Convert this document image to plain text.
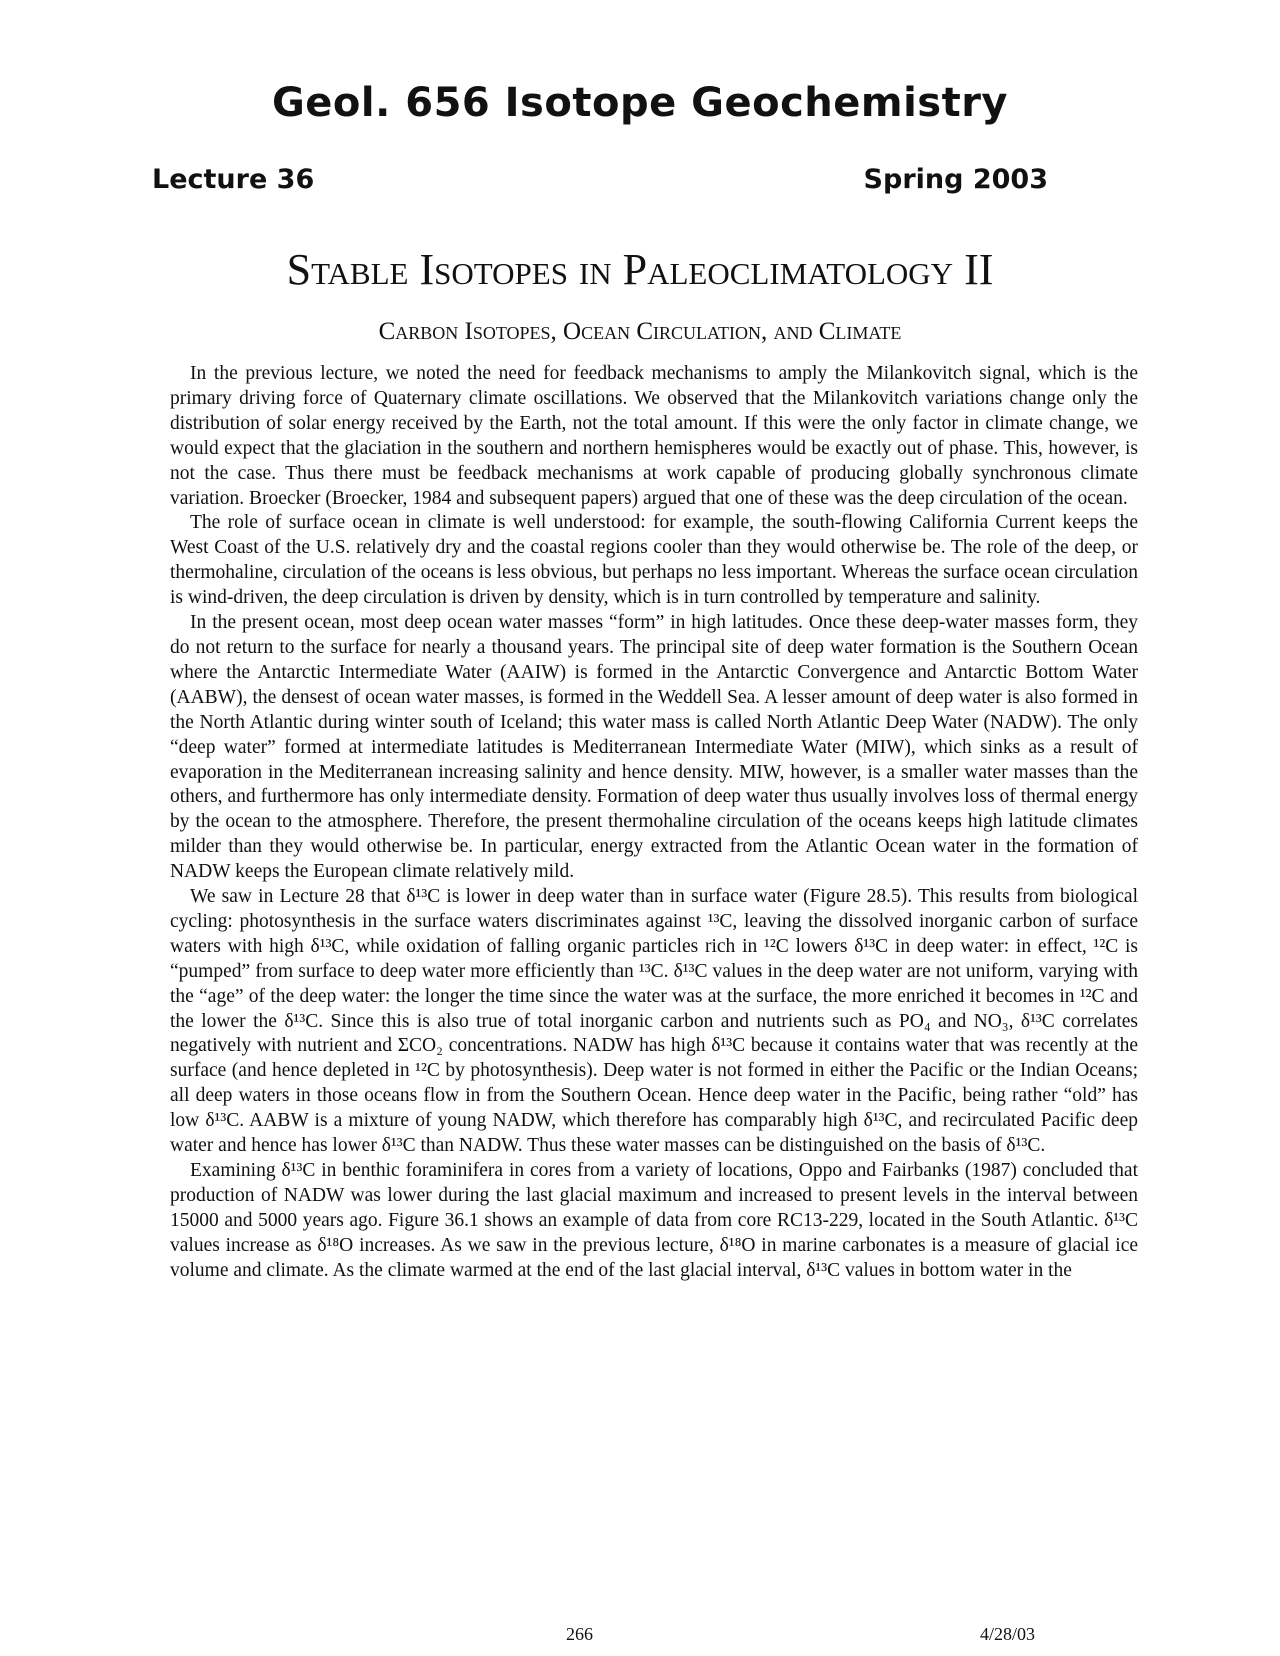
Geol. 656 Isotope Geochemistry
Lecture 36	Spring 2003
Stable Isotopes in Paleoclimatology II
Carbon Isotopes, Ocean Circulation, and Climate

In the previous lecture, we noted the need for feedback mechanisms to amply the Milankovitch signal, which is the primary driving force of Quaternary climate oscillations. We observed that the Milankovitch variations change only the distribution of solar energy received by the Earth, not the total amount. If this were the only factor in climate change, we would expect that the glaciation in the southern and northern hemispheres would be exactly out of phase. This, however, is not the case. Thus there must be feedback mechanisms at work capable of producing globally synchronous climate variation. Broecker (Broecker, 1984 and subsequent papers) argued that one of these was the deep circulation of the ocean.

The role of surface ocean in climate is well understood: for example, the south-flowing California Current keeps the West Coast of the U.S. relatively dry and the coastal regions cooler than they would otherwise be. The role of the deep, or thermohaline, circulation of the oceans is less obvious, but perhaps no less important. Whereas the surface ocean circulation is wind-driven, the deep circulation is driven by density, which is in turn controlled by temperature and salinity.

In the present ocean, most deep ocean water masses “form” in high latitudes. Once these deep-water masses form, they do not return to the surface for nearly a thousand years. The principal site of deep water formation is the Southern Ocean where the Antarctic Intermediate Water (AAIW) is formed in the Antarctic Convergence and Antarctic Bottom Water (AABW), the densest of ocean water masses, is formed in the Weddell Sea. A lesser amount of deep water is also formed in the North Atlantic during winter south of Iceland; this water mass is called North Atlantic Deep Water (NADW). The only “deep water” formed at intermediate latitudes is Mediterranean Intermediate Water (MIW), which sinks as a result of evaporation in the Mediterranean increasing salinity and hence density. MIW, however, is a smaller water masses than the others, and furthermore has only intermediate density. Formation of deep water thus usually involves loss of thermal energy by the ocean to the atmosphere. Therefore, the present thermohaline circulation of the oceans keeps high latitude climates milder than they would otherwise be. In particular, energy extracted from the Atlantic Ocean water in the formation of NADW keeps the European climate relatively mild.

We saw in Lecture 28 that δ¹³C is lower in deep water than in surface water (Figure 28.5). This results from biological cycling: photosynthesis in the surface waters discriminates against ¹³C, leaving the dissolved inorganic carbon of surface waters with high δ¹³C, while oxidation of falling organic particles rich in ¹²C lowers δ¹³C in deep water: in effect, ¹²C is “pumped” from surface to deep water more efficiently than ¹³C. δ¹³C values in the deep water are not uniform, varying with the “age” of the deep water: the longer the time since the water was at the surface, the more enriched it becomes in ¹²C and the lower the δ¹³C. Since this is also true of total inorganic carbon and nutrients such as PO₄ and NO₃, δ¹³C correlates negatively with nutrient and ΣCO₂ concentrations. NADW has high δ¹³C because it contains water that was recently at the surface (and hence depleted in ¹²C by photosynthesis). Deep water is not formed in either the Pacific or the Indian Oceans; all deep waters in those oceans flow in from the Southern Ocean. Hence deep water in the Pacific, being rather “old” has low δ¹³C. AABW is a mixture of young NADW, which therefore has comparably high δ¹³C, and recirculated Pacific deep water and hence has lower δ¹³C than NADW. Thus these water masses can be distinguished on the basis of δ¹³C.

Examining δ¹³C in benthic foraminifera in cores from a variety of locations, Oppo and Fairbanks (1987) concluded that production of NADW was lower during the last glacial maximum and increased to present levels in the interval between 15000 and 5000 years ago. Figure 36.1 shows an example of data from core RC13-229, located in the South Atlantic. δ¹³C values increase as δ¹⁸O increases. As we saw in the previous lecture, δ¹⁸O in marine carbonates is a measure of glacial ice volume and climate. As the climate warmed at the end of the last glacial interval, δ¹³C values in bottom water in the

266	4/28/03
